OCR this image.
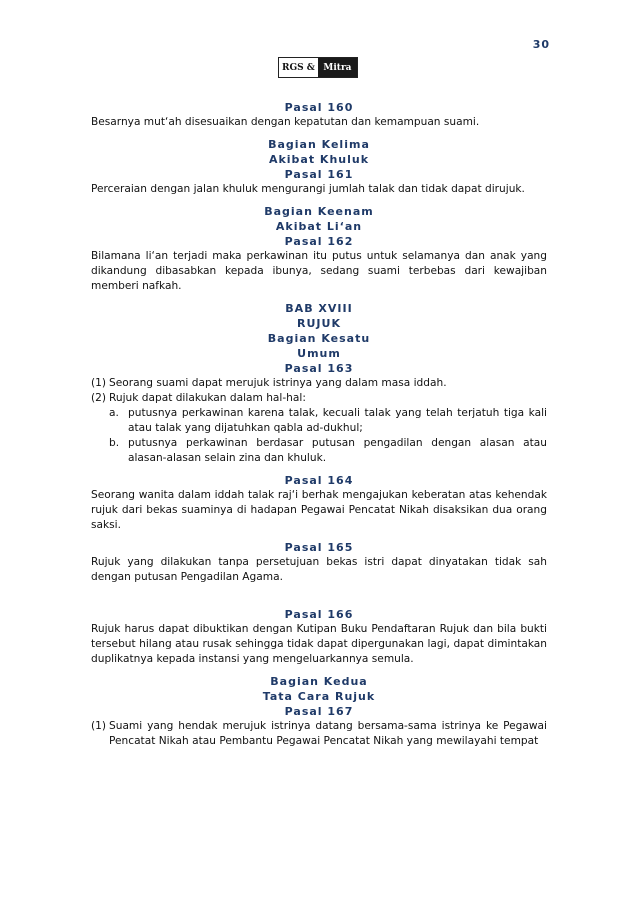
30
RGS & Mitra
Pasal 160

Besarnya mut‘ah disesuaikan dengan kepatutan dan kemampuan suami.

Bagian Kelima
Akibat Khuluk
Pasal 161

Perceraian dengan jalan khuluk mengurangi jumlah talak dan tidak dapat dirujuk.

Bagian Keenam
Akibat Li‘an
Pasal 162

Bilamana li‘an terjadi maka perkawinan itu putus untuk selamanya dan anak yang dikandung dibasabkan kepada ibunya, sedang suami terbebas dari kewajiban memberi nafkah.

BAB XVIII
RUJUK
Bagian Kesatu
Umum
Pasal 163
(1) Seorang suami dapat merujuk istrinya yang dalam masa iddah.
(2) Rujuk dapat dilakukan dalam hal-hal:
a. putusnya perkawinan karena talak, kecuali talak yang telah terjatuh tiga kali atau talak yang dijatuhkan qabla ad-dukhul;
b. putusnya perkawinan berdasar putusan pengadilan dengan alasan atau alasan-alasan selain zina dan khuluk.
Pasal 164

Seorang wanita dalam iddah talak raj‘i berhak mengajukan keberatan atas kehendak rujuk dari bekas suaminya di hadapan Pegawai Pencatat Nikah disaksikan dua orang saksi.

Pasal 165

Rujuk yang dilakukan tanpa persetujuan bekas istri dapat dinyatakan tidak sah dengan putusan Pengadilan Agama.

Pasal 166

Rujuk harus dapat dibuktikan dengan Kutipan Buku Pendaftaran Rujuk dan bila bukti tersebut hilang atau rusak sehingga tidak dapat dipergunakan lagi, dapat dimintakan duplikatnya kepada instansi yang mengeluarkannya semula.

Bagian Kedua
Tata Cara Rujuk
Pasal 167
(1) Suami yang hendak merujuk istrinya datang bersama-sama istrinya ke Pegawai Pencatat Nikah atau Pembantu Pegawai Pencatat Nikah yang mewilayahi tempat
